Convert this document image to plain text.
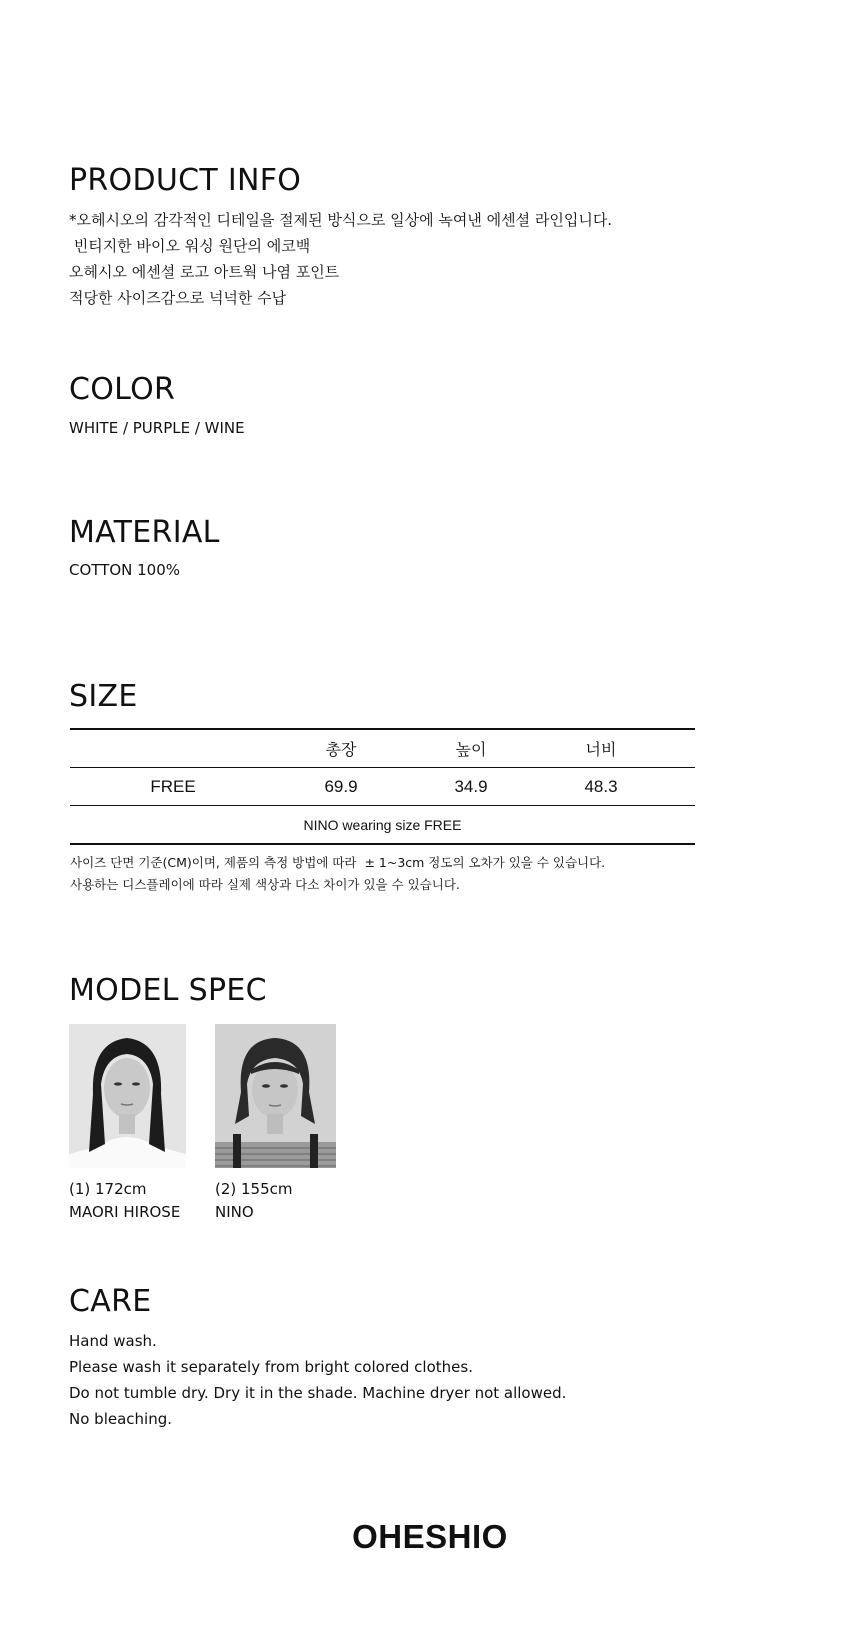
PRODUCT INFO

*오헤시오의 감각적인 디테일을 절제된 방식으로 일상에 녹여낸 에센셜 라인입니다.

빈티지한 바이오 워싱 원단의 에코백

오헤시오 에센셜 로고 아트웍 나염 포인트

적당한 사이즈감으로 넉넉한 수납

COLOR

WHITE / PURPLE / WINE

MATERIAL

COTTON 100%

SIZE
	총장	높이	너비	
FREE	69.9	34.9	48.3	
NINO wearing size FREE				

사이즈 단면 기준(CM)이며, 제품의 측정 방법에 따라  ± 1~3cm 정도의 오차가 있을 수 있습니다.

사용하는 디스플레이에 따라 실제 색상과 다소 차이가 있을 수 있습니다.

MODEL SPEC
(1) 172cm
MAORI HIROSE
(2) 155cm
NINO
CARE

Hand wash.

Please wash it separately from bright colored clothes.

Do not tumble dry. Dry it in the shade. Machine dryer not allowed.

No bleaching.

OHESHIO
